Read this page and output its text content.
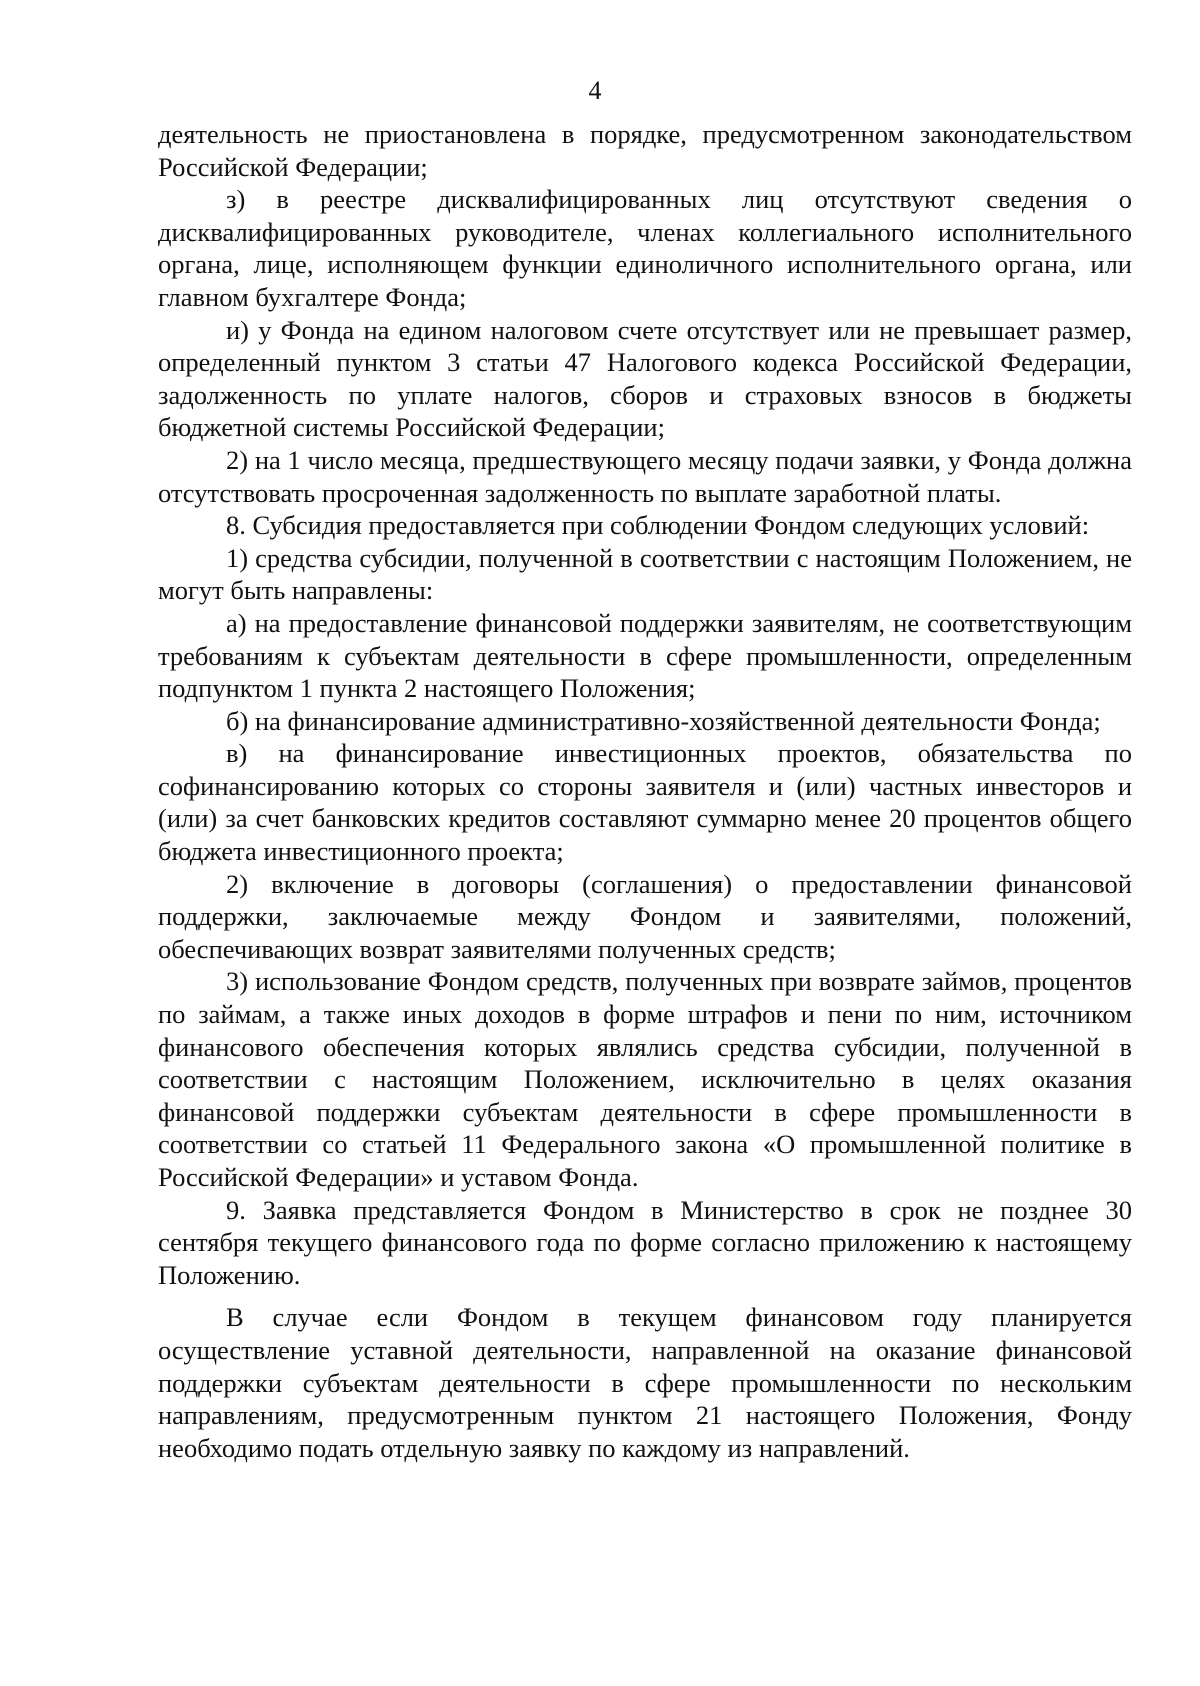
4

деятельность не приостановлена в порядке, предусмотренном законодательством Российской Федерации;

з) в реестре дисквалифицированных лиц отсутствуют сведения о дисквалифицированных руководителе, членах коллегиального исполнительного органа, лице, исполняющем функции единоличного исполнительного органа, или главном бухгалтере Фонда;

и) у Фонда на едином налоговом счете отсутствует или не превышает размер, определенный пунктом 3 статьи 47 Налогового кодекса Российской Федерации, задолженность по уплате налогов, сборов и страховых взносов в бюджеты бюджетной системы Российской Федерации;

2) на 1 число месяца, предшествующего месяцу подачи заявки, у Фонда должна отсутствовать просроченная задолженность по выплате заработной платы.

8. Субсидия предоставляется при соблюдении Фондом следующих условий:

1) средства субсидии, полученной в соответствии с настоящим Положением, не могут быть направлены:

а) на предоставление финансовой поддержки заявителям, не соответствующим требованиям к субъектам деятельности в сфере промышленности, определенным подпунктом 1 пункта 2 настоящего Положения;

б) на финансирование административно-хозяйственной деятельности Фонда;

в) на финансирование инвестиционных проектов, обязательства по софинансированию которых со стороны заявителя и (или) частных инвесторов и (или) за счет банковских кредитов составляют суммарно менее 20 процентов общего бюджета инвестиционного проекта;

2) включение в договоры (соглашения) о предоставлении финансовой поддержки, заключаемые между Фондом и заявителями, положений, обеспечивающих возврат заявителями полученных средств;

3) использование Фондом средств, полученных при возврате займов, процентов по займам, а также иных доходов в форме штрафов и пени по ним, источником финансового обеспечения которых являлись средства субсидии, полученной в соответствии с настоящим Положением, исключительно в целях оказания финансовой поддержки субъектам деятельности в сфере промышленности в соответствии со статьей 11 Федерального закона «О промышленной политике в Российской Федерации» и уставом Фонда.

9. Заявка представляется Фондом в Министерство в срок не позднее 30 сентября текущего финансового года по форме согласно приложению к настоящему Положению.

В случае если Фондом в текущем финансовом году планируется осуществление уставной деятельности, направленной на оказание финансовой поддержки субъектам деятельности в сфере промышленности по нескольким направлениям, предусмотренным пунктом 21 настоящего Положения, Фонду необходимо подать отдельную заявку по каждому из направлений.
